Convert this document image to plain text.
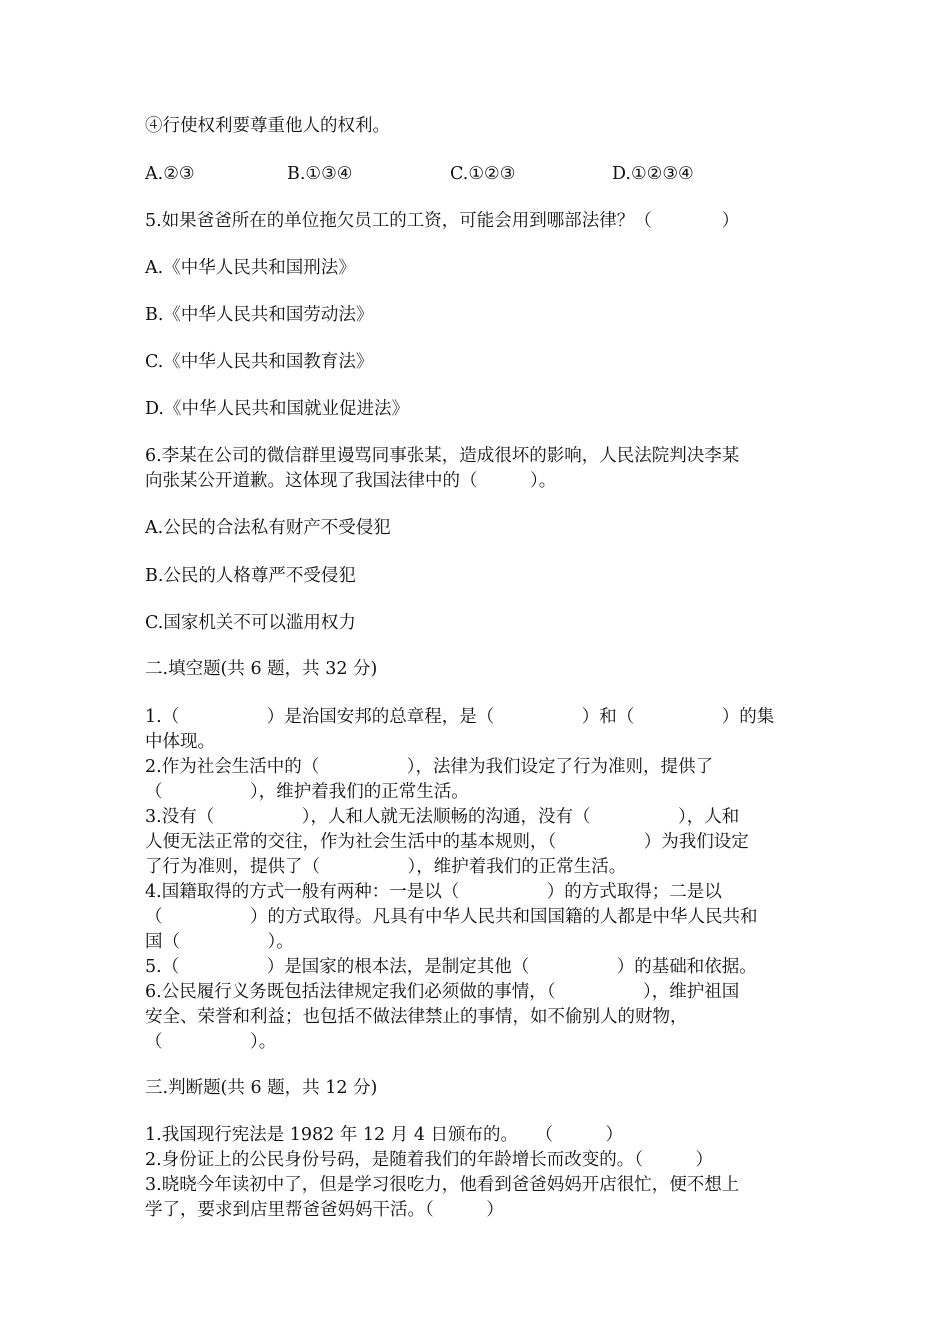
④行使权利要尊重他人的权利。
A.②③	B.①③④	C.①②③	D.①②③④
5.如果爸爸所在的单位拖欠员工的工资，可能会用到哪部法律？（　　　　）
A.《中华人民共和国刑法》
B.《中华人民共和国劳动法》
C.《中华人民共和国教育法》
D.《中华人民共和国就业促进法》
6.李某在公司的微信群里谩骂同事张某，造成很坏的影响，人民法院判决李某
向张某公开道歉。这体现了我国法律中的（　　　）。
A.公民的合法私有财产不受侵犯
B.公民的人格尊严不受侵犯
C.国家机关不可以滥用权力
二.填空题(共 6 题，共 32 分)
1.（　　　　　）是治国安邦的总章程，是（　　　　　）和（　　　　　）的集
中体现。
2.作为社会生活中的（　　　　　），法律为我们设定了行为准则，提供了
（　　　　　），维护着我们的正常生活。
3.没有（　　　　　），人和人就无法顺畅的沟通，没有（　　　　　），人和
人便无法正常的交往，作为社会生活中的基本规则，（　　　　　）为我们设定
了行为准则，提供了（　　　　　），维护着我们的正常生活。
4.国籍取得的方式一般有两种：一是以（　　　　　）的方式取得；二是以
（　　　　　）的方式取得。凡具有中华人民共和国国籍的人都是中华人民共和
国（　　　　　）。
5.（　　　　　）是国家的根本法，是制定其他（　　　　　）的基础和依据。
6.公民履行义务既包括法律规定我们必须做的事情，（　　　　　），维护祖国
安全、荣誉和利益；也包括不做法律禁止的事情，如不偷别人的财物，
（　　　　　）。
三.判断题(共 6 题，共 12 分)
1.我国现行宪法是 1982 年 12 月 4 日颁布的。　　（　　　）
2.身份证上的公民身份号码，是随着我们的年龄增长而改变的。（　　　）
3.晓晓今年读初中了，但是学习很吃力，他看到爸爸妈妈开店很忙，便不想上
学了，要求到店里帮爸爸妈妈干活。（　　　）
